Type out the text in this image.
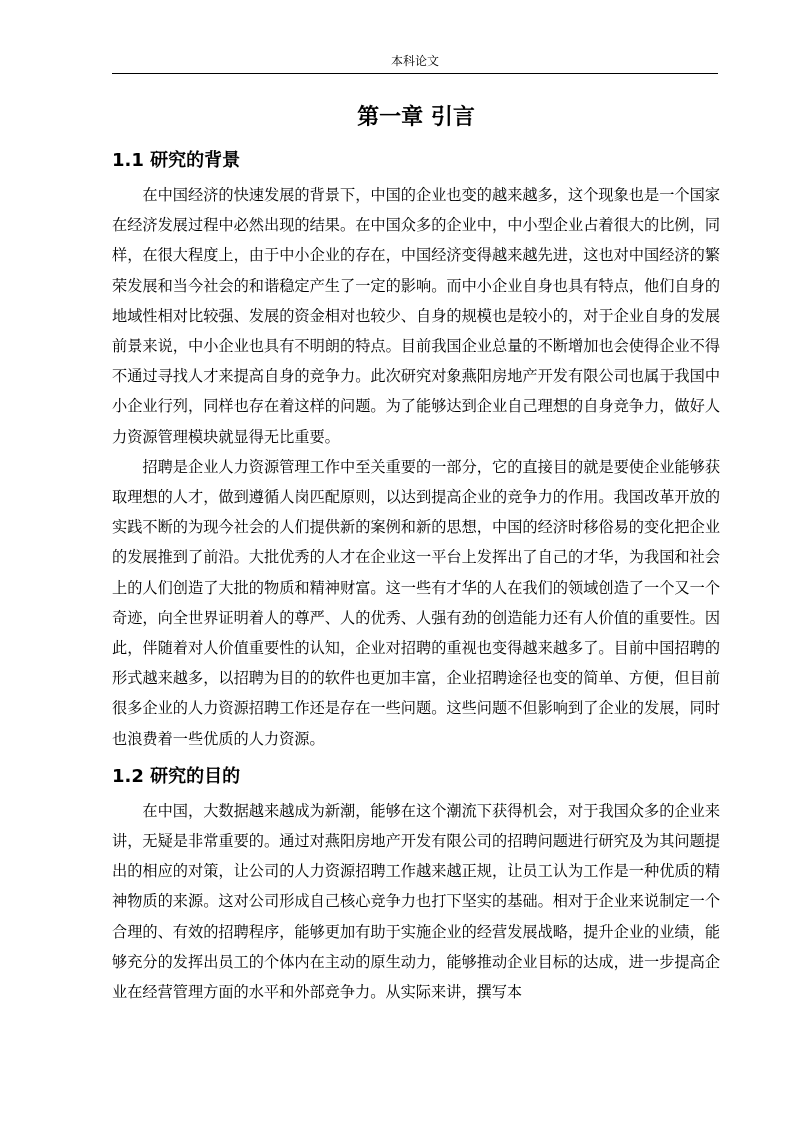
本科论文
第一章 引言
1.1 研究的背景

在中国经济的快速发展的背景下，中国的企业也变的越来越多，这个现象也是一个国家在经济发展过程中必然出现的结果。在中国众多的企业中，中小型企业占着很大的比例，同样，在很大程度上，由于中小企业的存在，中国经济变得越来越先进，这也对中国经济的繁荣发展和当今社会的和谐稳定产生了一定的影响。而中小企业自身也具有特点，他们自身的地域性相对比较强、发展的资金相对也较少、自身的规模也是较小的，对于企业自身的发展前景来说，中小企业也具有不明朗的特点。目前我国企业总量的不断增加也会使得企业不得不通过寻找人才来提高自身的竞争力。此次研究对象燕阳房地产开发有限公司也属于我国中小企业行列，同样也存在着这样的问题。为了能够达到企业自己理想的自身竞争力，做好人力资源管理模块就显得无比重要。

招聘是企业人力资源管理工作中至关重要的一部分，它的直接目的就是要使企业能够获取理想的人才，做到遵循人岗匹配原则，以达到提高企业的竞争力的作用。我国改革开放的实践不断的为现今社会的人们提供新的案例和新的思想，中国的经济时移俗易的变化把企业的发展推到了前沿。大批优秀的人才在企业这一平台上发挥出了自己的才华，为我国和社会上的人们创造了大批的物质和精神财富。这一些有才华的人在我们的领域创造了一个又一个奇迹，向全世界证明着人的尊严、人的优秀、人强有劲的创造能力还有人价值的重要性。因此，伴随着对人价值重要性的认知，企业对招聘的重视也变得越来越多了。目前中国招聘的形式越来越多，以招聘为目的的软件也更加丰富，企业招聘途径也变的简单、方便，但目前很多企业的人力资源招聘工作还是存在一些问题。这些问题不但影响到了企业的发展，同时也浪费着一些优质的人力资源。

1.2 研究的目的

在中国，大数据越来越成为新潮，能够在这个潮流下获得机会，对于我国众多的企业来讲，无疑是非常重要的。通过对燕阳房地产开发有限公司的招聘问题进行研究及为其问题提出的相应的对策，让公司的人力资源招聘工作越来越正规，让员工认为工作是一种优质的精神物质的来源。这对公司形成自己核心竞争力也打下坚实的基础。相对于企业来说制定一个合理的、有效的招聘程序，能够更加有助于实施企业的经营发展战略，提升企业的业绩，能够充分的发挥出员工的个体内在主动的原生动力，能够推动企业目标的达成，进一步提高企业在经营管理方面的水平和外部竞争力。从实际来讲，撰写本
